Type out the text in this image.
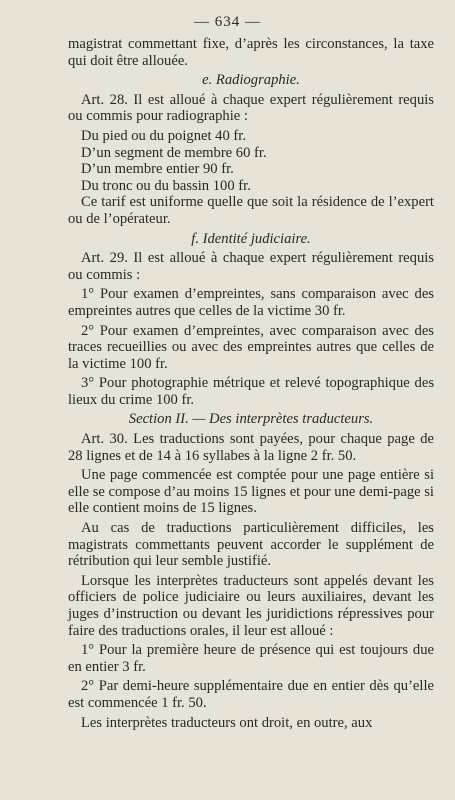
— 634 —

magistrat commettant fixe, d’après les circonstances, la taxe qui doit être allouée.

e. Radiographie.

Art. 28. Il est alloué à chaque expert régulièrement requis ou commis pour radiographie :

Du pied ou du poignet 40 fr.

D’un segment de membre 60 fr.

D’un membre entier 90 fr.

Du tronc ou du bassin 100 fr.

Ce tarif est uniforme quelle que soit la résidence de l’expert ou de l’opérateur.

f. Identité judiciaire.

Art. 29. Il est alloué à chaque expert régulièrement requis ou commis :

1° Pour examen d’empreintes, sans comparaison avec des empreintes autres que celles de la victime 30 fr.

2° Pour examen d’empreintes, avec comparaison avec des traces recueillies ou avec des empreintes autres que celles de la victime 100 fr.

3° Pour photographie métrique et relevé topographique des lieux du crime 100 fr.

Section II. — Des interprètes traducteurs.

Art. 30. Les traductions sont payées, pour chaque page de 28 lignes et de 14 à 16 syllabes à la ligne 2 fr. 50.

Une page commencée est comptée pour une page entière si elle se compose d’au moins 15 lignes et pour une demi-page si elle contient moins de 15 lignes.

Au cas de traductions particulièrement difficiles, les magistrats commettants peuvent accorder le supplément de rétribution qui leur semble justifié.

Lorsque les interprètes traducteurs sont appelés devant les officiers de police judiciaire ou leurs auxiliaires, devant les juges d’instruction ou devant les juridictions répressives pour faire des traductions orales, il leur est alloué :

1° Pour la première heure de présence qui est toujours due en entier 3 fr.

2° Par demi-heure supplémentaire due en entier dès qu’elle est commencée 1 fr. 50.

Les interprètes traducteurs ont droit, en outre, aux
